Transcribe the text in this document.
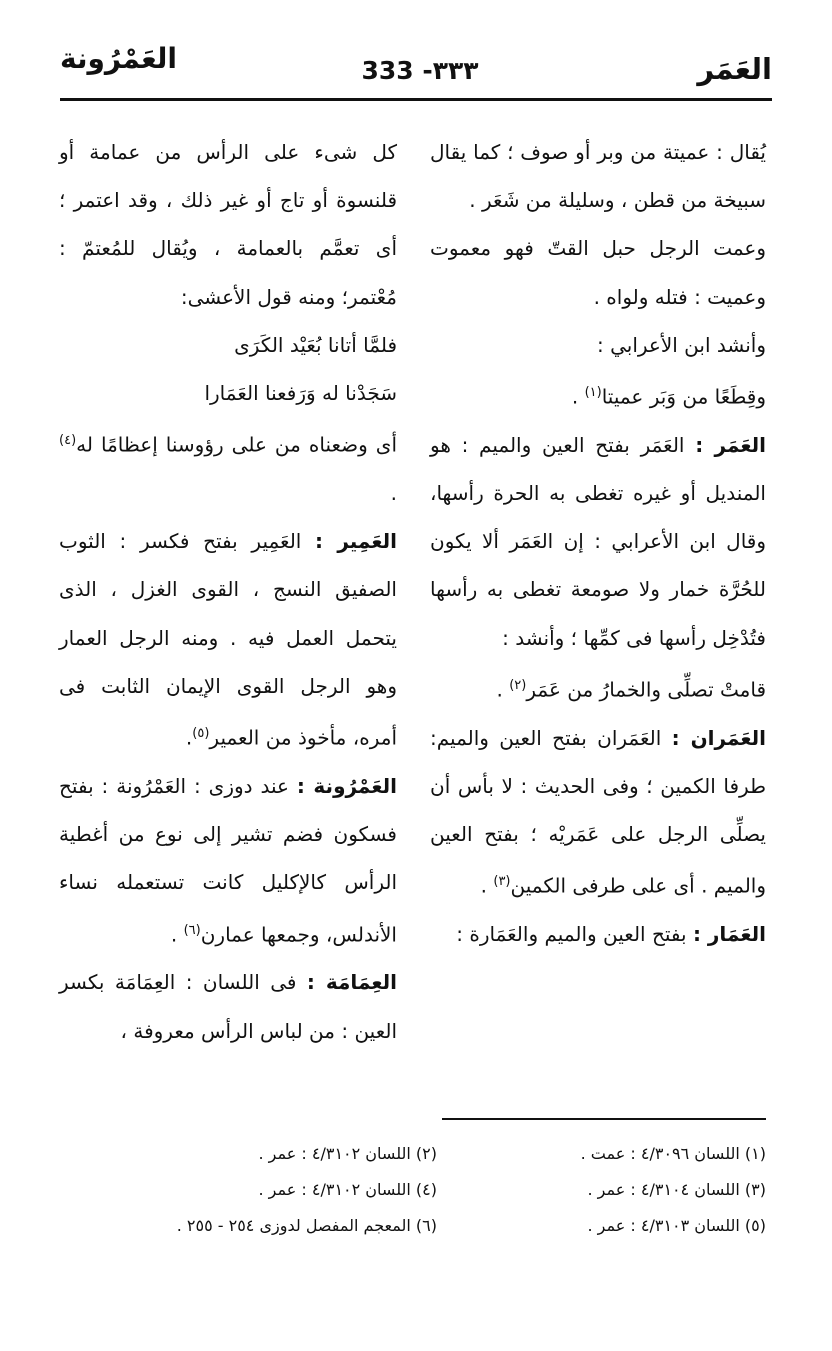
العَمَر
333 -٣٣٣
العَمْرُونة

يُقال : عميتة من وبر أو صوف ؛ كما يقال سبيخة من قطن ، وسليلة من شَعَر .

وعمت الرجل حبل القتّ فهو معموت وعميت : فتله ولواه .

وأنشد ابن الأعرابي :

وقِطَعًا من وَبَر عميتا$^{(١)}$ .

العَمَر : العَمَر بفتح العين والميم : هو المنديل أو غيره تغطى به الحرة رأسها، وقال ابن الأعرابي : إن العَمَر ألا يكون للحُرَّة خمار ولا صومعة تغطى به رأسها فتُدْخِل رأسها فى كمِّها ؛ وأنشد :

قامتْ تصلِّى والخمارُ من عَمَر$^{(٢)}$ .

العَمَران : العَمَران بفتح العين والميم: طرفا الكمين ؛ وفى الحديث : لا بأس أن يصلِّى الرجل على عَمَريْه ؛ بفتح العين والميم . أى على طرفى الكمين$^{(٣)}$ .

العَمَار : بفتح العين والميم والعَمَارة :

كل شىء على الرأس من عمامة أو قلنسوة أو تاج أو غير ذلك ، وقد اعتمر ؛ أى تعمَّم بالعمامة ، ويُقال للمُعتمّ : مُعْتمر؛ ومنه قول الأعشى:

فلمَّا أتانا بُعَيْد الكَرَى

سَجَدْنا له وَرَفعنا العَمَارا

أى وضعناه من على رؤوسنا إعظامًا له$^{(٤)}$ .

العَمِير : العَمِير بفتح فكسر : الثوب الصفيق النسج ، القوى الغزل ، الذى يتحمل العمل فيه . ومنه الرجل العمار وهو الرجل القوى الإيمان الثابت فى أمره، مأخوذ من العمير$^{(٥)}$.

العَمْرُونة : عند دوزى : العَمْرُونة : بفتح فسكون فضم تشير إلى نوع من أغطية الرأس كالإكليل كانت تستعمله نساء الأندلس، وجمعها عمارن$^{(٦)}$ .

العِمَامَة : فى اللسان : العِمَامَة بكسر العين : من لباس الرأس معروفة ،

(١) اللسان ٤/٣٠٩٦ : عمت .
(٣) اللسان ٤/٣١٠٤ : عمر .
(٥) اللسان ٤/٣١٠٣ : عمر .
(٢) اللسان ٤/٣١٠٢ : عمر .
(٤) اللسان ٤/٣١٠٢ : عمر .
(٦) المعجم المفصل لدوزى ٢٥٤ - ٢٥٥ .
